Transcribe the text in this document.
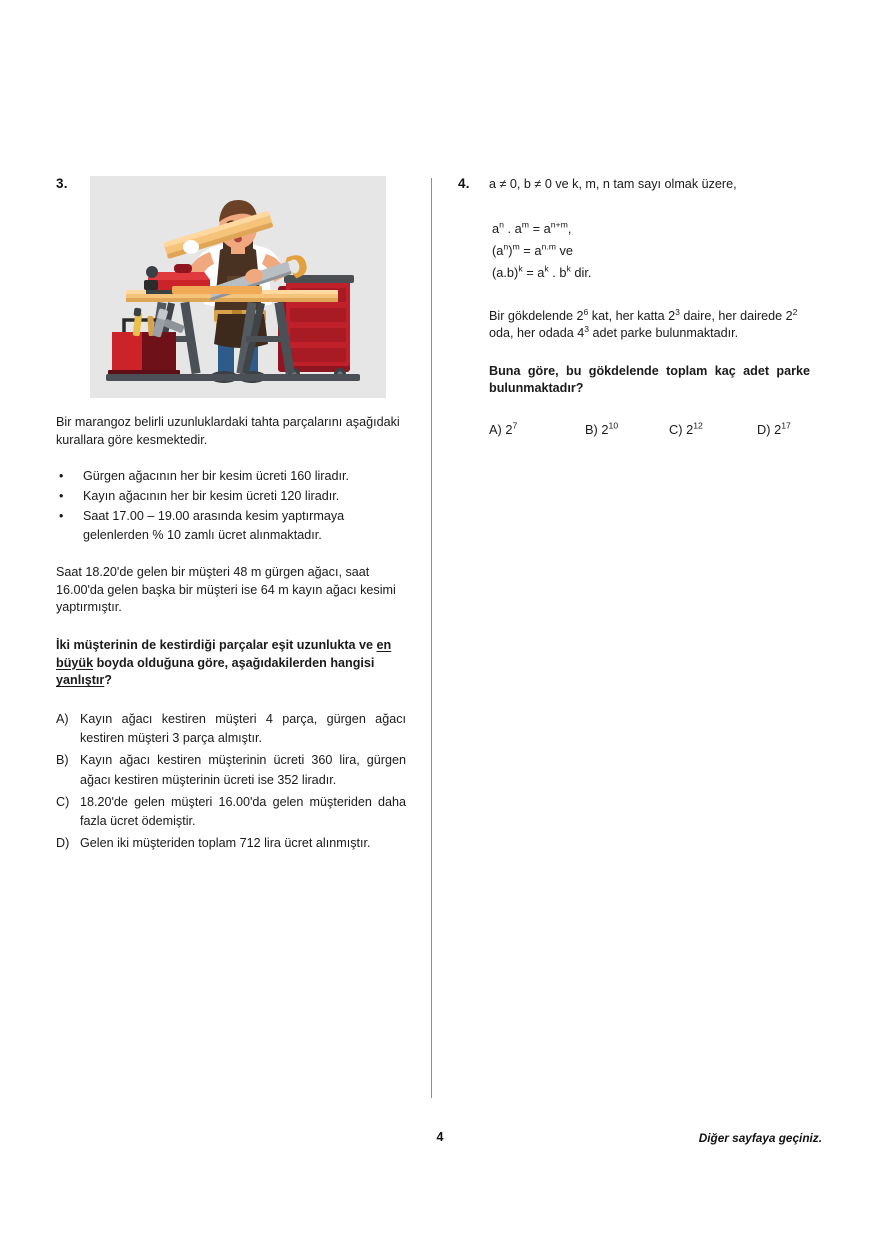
3.

Bir marangoz belirli uzunluklardaki tahta parçalarını aşağıdaki kurallara göre kesmektedir.

• Gürgen ağacının her bir kesim ücreti 160 liradır.
• Kayın ağacının her bir kesim ücreti 120 liradır.
• Saat 17.00 – 19.00 arasında kesim yaptırmaya gelenlerden % 10 zamlı ücret alınmaktadır.

Saat 18.20'de gelen bir müşteri 48 m gürgen ağacı, saat 16.00'da gelen başka bir müşteri ise 64 m kayın ağacı kesimi yaptırmıştır.

İki müşterinin de kestirdiği parçalar eşit uzunlukta ve en büyük boyda olduğuna göre, aşağıdakilerden hangisi yanlıştır?

A) Kayın ağacı kestiren müşteri 4 parça, gürgen ağacı kestiren müşteri 3 parça almıştır.
B) Kayın ağacı kestiren müşterinin ücreti 360 lira, gürgen ağacı kestiren müşterinin ücreti ise 352 liradır.
C) 18.20'de gelen müşteri 16.00'da gelen müşteriden daha fazla ücret ödemiştir.
D) Gelen iki müşteriden toplam 712 lira ücret alınmıştır.
4. a ≠ 0, b ≠ 0 ve k, m, n tam sayı olmak üzere,

$a^n$ . $a^m = a^{n+m}$,
$(a^n)^m = a^{n.m}$ ve
$(a.b)^k = a^k$ . $b^k$ dir.

Bir gökdelende $2^6$ kat, her katta $2^3$ daire, her dairede $2^2$ oda, her odada $4^3$ adet parke bulunmaktadır.

Buna göre, bu gökdelende toplam kaç adet parke bulunmaktadır?

A) $2^7$	B) $2^{10}$	C) $2^{12}$	D) $2^{17}$
4	Diğer sayfaya geçiniz.
